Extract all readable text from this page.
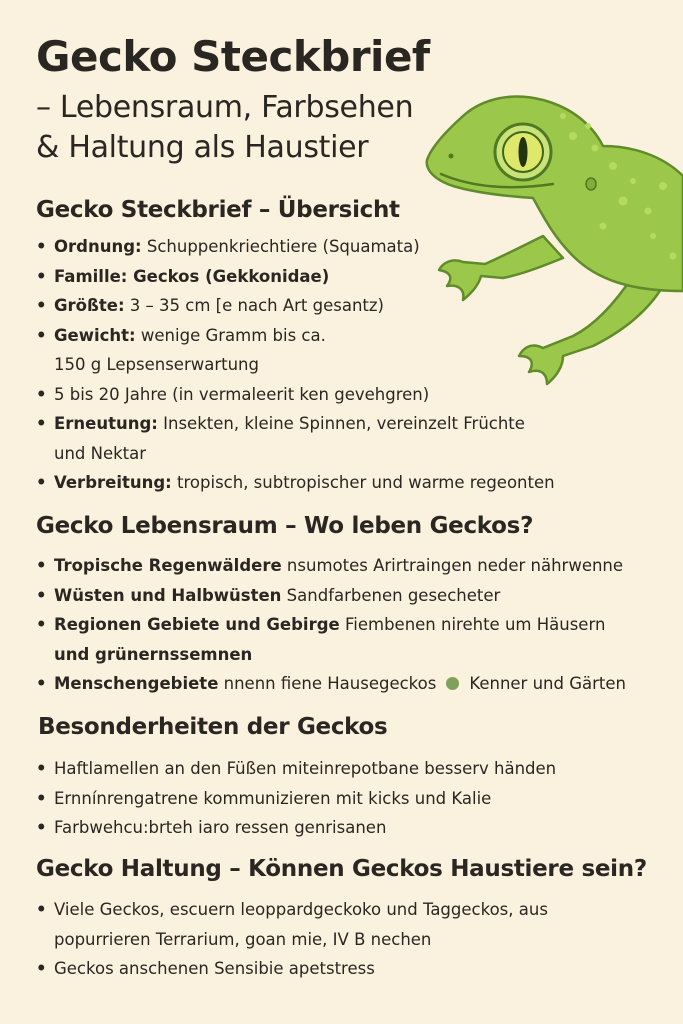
Gecko Steckbrief
– Lebensraum, Farbsehen
& Haltung als Haustier
Gecko Steckbrief – Übersicht
• Ordnung: Schuppenkriechtiere (Squamata)
• Famille: Geckos (Gekkonidae)
• Größte: 3 – 35 cm [e nach Art gesantz)
• Gewicht: wenige Gramm bis ca.
150 g Lepsenserwartung
• 5 bis 20 Jahre (in vermaleerit ken gevehgren)
• Erneutung: Insekten, kleine Spinnen, vereinzelt Früchte
und Nektar
• Verbreitung: tropisch, subtropischer und warme regeonten
Gecko Lebensraum – Wo leben Geckos?
• Tropische Regenwäldere nsumotes Arirtraingen neder nährwenne
• Wüsten und Halbwüsten Sandfarbenen gesecheter
• Regionen Gebiete und Gebirge Fiembenen nirehte um Häusern
und grünernssemnen
• Menschengebiete nnenn fiene Hausegeckos Kenner und Gärten
Besonderheiten der Geckos
• Haftlamellen an den Füßen miteinrepotbane besserv händen
• Ernnínrengatrene kommunizieren mit kicks und Kalie
• Farbwehcu:brteh iaro ressen genrisanen
Gecko Haltung – Können Geckos Haustiere sein?
• Viele Geckos, escuern leoppardgeckoko und Taggeckos, aus
popurrieren Terrarium, goan mie, IV B nechen
• Geckos anschenen Sensibie apetstress
